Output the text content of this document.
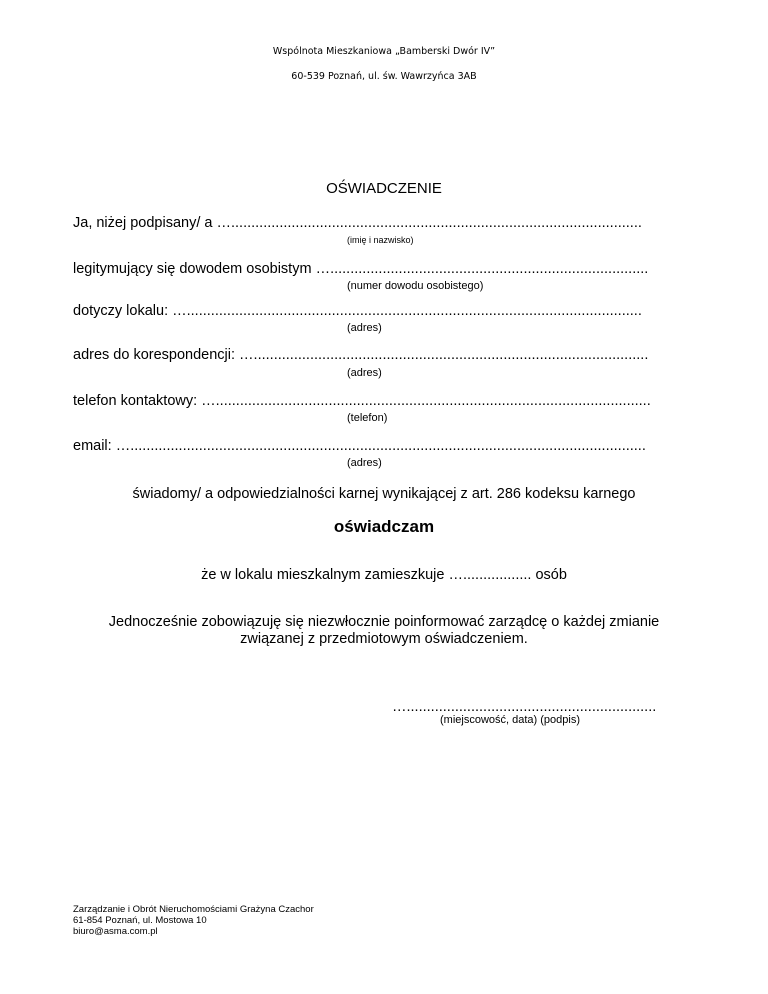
Wspólnota Mieszkaniowa „Bamberski Dwór IV”
60-539 Poznań, ul. św. Wawrzyńca 3AB
OŚWIADCZENIE
Ja, niżej podpisany/ a …......................................................................................................
(imię i nazwisko)
legitymujący się dowodem osobistym …...............................................................................
(numer dowodu osobistego)
dotyczy lokalu: ….................................................................................................................
(adres)
adres do korespondencji: …..................................................................................................
(adres)
telefon kontaktowy: …............................................................................................................
(telefon)
email: …................................................................................................................................
(adres)
świadomy/ a odpowiedzialności karnej wynikającej z art. 286 kodeksu karnego
oświadczam
że w lokalu mieszkalnym zamieszkuje …................. osób
Jednocześnie zobowiązuję się niezwłocznie poinformować zarządcę o każdej zmianie związanej z przedmiotowym oświadczeniem.
…..............................................................
(miejscowość, data) (podpis)
Zarządzanie i Obrót Nieruchomościami Grażyna Czachor
61-854 Poznań, ul. Mostowa 10
biuro@asma.com.pl
